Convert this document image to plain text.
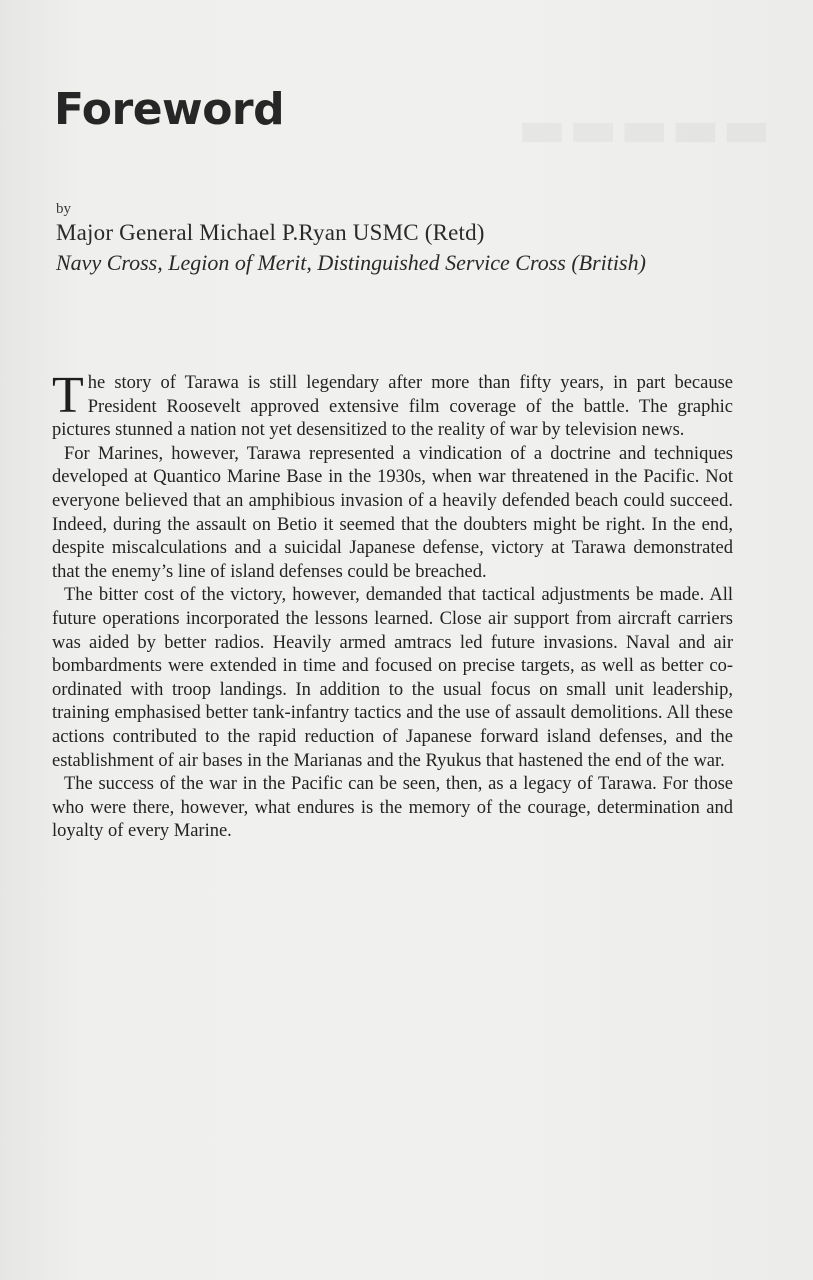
Foreword
by
Major General Michael P.Ryan USMC (Retd)
Navy Cross, Legion of Merit, Distinguished Service Cross (British)

The story of Tarawa is still legendary after more than fifty years, in part because President Roosevelt approved extensive film coverage of the battle. The graphic pictures stunned a nation not yet desensitized to the reality of war by television news.

For Marines, however, Tarawa represented a vindication of a doctrine and techniques developed at Quantico Marine Base in the 1930s, when war threatened in the Pacific. Not everyone believed that an amphibious invasion of a heavily defended beach could succeed. Indeed, during the assault on Betio it seemed that the doubters might be right. In the end, despite miscalculations and a suicidal Japanese defense, victory at Tarawa demonstrated that the enemy’s line of island defenses could be breached.

The bitter cost of the victory, however, demanded that tactical adjustments be made. All future operations incorporated the lessons learned. Close air support from aircraft carriers was aided by better radios. Heavily armed amtracs led future invasions. Naval and air bombardments were extended in time and focused on precise targets, as well as better co-ordinated with troop landings. In addition to the usual focus on small unit leadership, training emphasised better tank-infantry tactics and the use of assault demolitions. All these actions contributed to the rapid reduction of Japanese forward island defenses, and the establishment of air bases in the Marianas and the Ryukus that hastened the end of the war.

The success of the war in the Pacific can be seen, then, as a legacy of Tarawa. For those who were there, however, what endures is the memory of the courage, determination and loyalty of every Marine.
